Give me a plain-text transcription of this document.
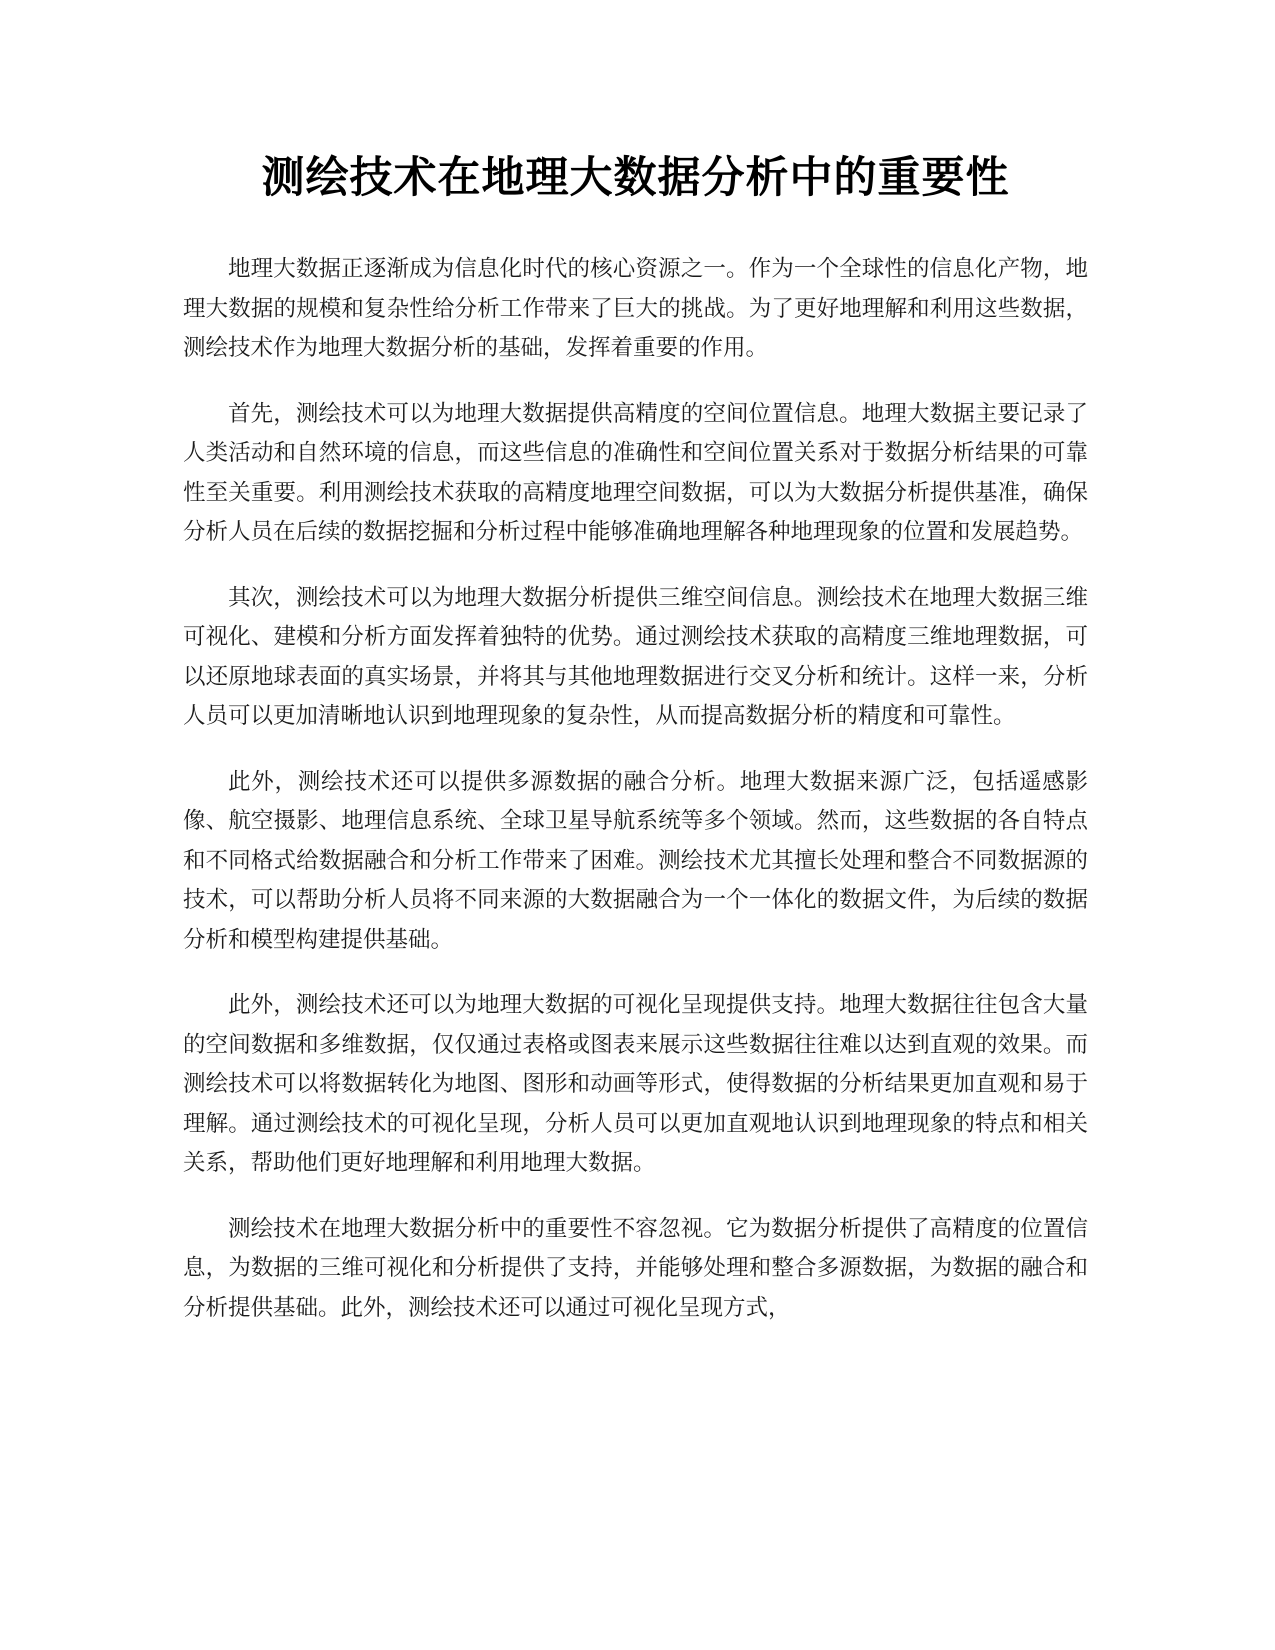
测绘技术在地理大数据分析中的重要性

地理大数据正逐渐成为信息化时代的核心资源之一。作为一个全球性的信息化产物，地理大数据的规模和复杂性给分析工作带来了巨大的挑战。为了更好地理解和利用这些数据，测绘技术作为地理大数据分析的基础，发挥着重要的作用。

首先，测绘技术可以为地理大数据提供高精度的空间位置信息。地理大数据主要记录了人类活动和自然环境的信息，而这些信息的准确性和空间位置关系对于数据分析结果的可靠性至关重要。利用测绘技术获取的高精度地理空间数据，可以为大数据分析提供基准，确保分析人员在后续的数据挖掘和分析过程中能够准确地理解各种地理现象的位置和发展趋势。

其次，测绘技术可以为地理大数据分析提供三维空间信息。测绘技术在地理大数据三维可视化、建模和分析方面发挥着独特的优势。通过测绘技术获取的高精度三维地理数据，可以还原地球表面的真实场景，并将其与其他地理数据进行交叉分析和统计。这样一来，分析人员可以更加清晰地认识到地理现象的复杂性，从而提高数据分析的精度和可靠性。

此外，测绘技术还可以提供多源数据的融合分析。地理大数据来源广泛，包括遥感影像、航空摄影、地理信息系统、全球卫星导航系统等多个领域。然而，这些数据的各自特点和不同格式给数据融合和分析工作带来了困难。测绘技术尤其擅长处理和整合不同数据源的技术，可以帮助分析人员将不同来源的大数据融合为一个一体化的数据文件，为后续的数据分析和模型构建提供基础。

此外，测绘技术还可以为地理大数据的可视化呈现提供支持。地理大数据往往包含大量的空间数据和多维数据，仅仅通过表格或图表来展示这些数据往往难以达到直观的效果。而测绘技术可以将数据转化为地图、图形和动画等形式，使得数据的分析结果更加直观和易于理解。通过测绘技术的可视化呈现，分析人员可以更加直观地认识到地理现象的特点和相关关系，帮助他们更好地理解和利用地理大数据。

测绘技术在地理大数据分析中的重要性不容忽视。它为数据分析提供了高精度的位置信息，为数据的三维可视化和分析提供了支持，并能够处理和整合多源数据，为数据的融合和分析提供基础。此外，测绘技术还可以通过可视化呈现方式，
